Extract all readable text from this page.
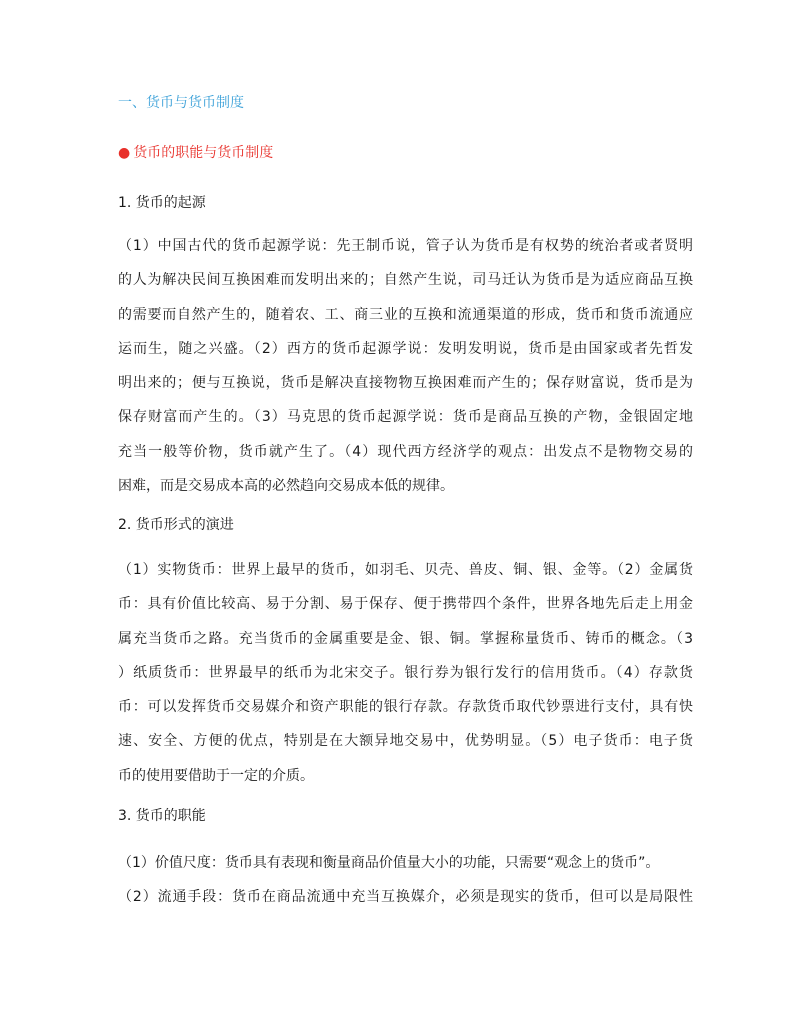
一、货币与货币制度
● 货币的职能与货币制度
1. 货币的起源
（1）中国古代的货币起源学说：先王制币说，管子认为货币是有权势的统治者或者贤明
的人为解决民间互换困难而发明出来的；自然产生说，司马迁认为货币是为适应商品互换
的需要而自然产生的，随着农、工、商三业的互换和流通渠道的形成，货币和货币流通应
运而生，随之兴盛。（2）西方的货币起源学说：发明发明说，货币是由国家或者先哲发
明出来的；便与互换说，货币是解决直接物物互换困难而产生的；保存财富说，货币是为
保存财富而产生的。（3）马克思的货币起源学说：货币是商品互换的产物，金银固定地
充当一般等价物，货币就产生了。（4）现代西方经济学的观点：出发点不是物物交易的
困难，而是交易成本高的必然趋向交易成本低的规律。
2. 货币形式的演进
（1）实物货币：世界上最早的货币，如羽毛、贝壳、兽皮、铜、银、金等。（2）金属货
币：具有价值比较高、易于分割、易于保存、便于携带四个条件，世界各地先后走上用金
属充当货币之路。充当货币的金属重要是金、银、铜。掌握称量货币、铸币的概念。（3
）纸质货币：世界最早的纸币为北宋交子。银行券为银行发行的信用货币。（4）存款货
币：可以发挥货币交易媒介和资产职能的银行存款。存款货币取代钞票进行支付，具有快
速、安全、方便的优点，特别是在大额异地交易中，优势明显。（5）电子货币：电子货
币的使用要借助于一定的介质。
3. 货币的职能
（1）价值尺度：货币具有表现和衡量商品价值量大小的功能，只需要“观念上的货币”。
（2）流通手段：货币在商品流通中充当互换媒介，必须是现实的货币，但可以是局限性
